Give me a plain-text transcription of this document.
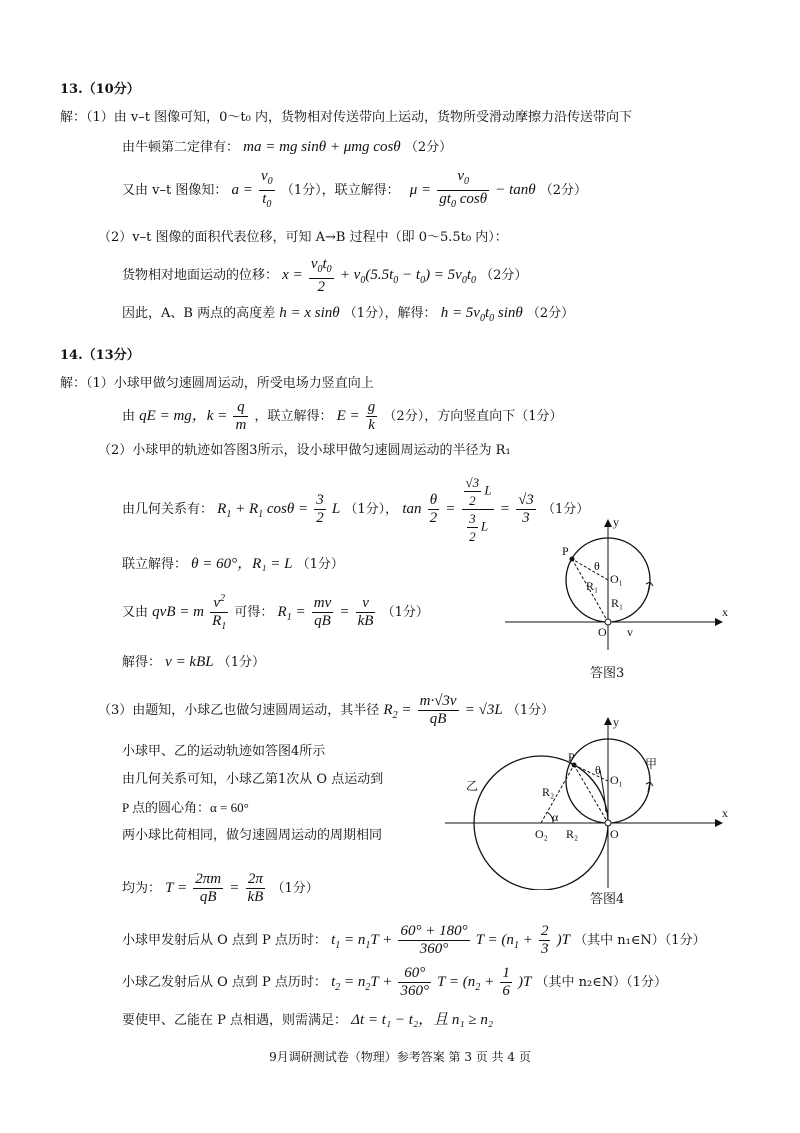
13.（10分）
解：（1）由 v–t 图像可知，0～t₀ 内，货物相对传送带向上运动，货物所受滑动摩擦力沿传送带向下
由牛顿第二定律有： ma = mg sinθ + μmg cosθ （2分）
又由 v–t 图像知： $a = \frac{v_0}{t_0} (1$分），联立解得： $\mu = \frac{v_0}{gt_0 \cos\theta} - \tan\theta$ （2分）
（2）v–t 图像的面积代表位移，可知 A→B 过程中（即 0～5.5t₀ 内）：
货物相对地面运动的位移： $x = \frac{v_0t_0}{2} + v_0(5.5t_0 - t_0) = 5v_0t_0$ （2分）
因此，A、B 两点的高度差 h = x sinθ （1分），解得： $h = 5v_0t_0$ sinθ （2分）
14.（13分）
解：（1）小球甲做匀速圆周运动，所受电场力竖直向上
由 qE = mg，$k = \frac{q}{m}$ ，联立解得： $E = \frac{g}{k} (2$分），方向竖直向下（1分）
（2）小球甲的轨迹如答图3所示，设小球甲做匀速圆周运动的半径为 R₁
由几何关系有： $R_1 + R_1$ $\cos\theta = \frac{3}{2}$ L （1分）， $\tan \frac{\theta}{2} = \frac{\frac{√3}{2} L}{\frac{3}{2} L} = \frac{√3}{3} (1$分）
联立解得： θ = 60°，R₁ = L （1分）
又由 qvB = m $\frac{v^2}{R_1}$ 可得： $R_1 = \frac{mv}{qB} = \frac{v}{kB} (1$分）
解得： v = kBL （1分）
（3）由题知，小球乙也做匀速圆周运动，其半径 $R_2 = \frac{m\cdot√3v}{qB} = √3L$ （1分）
小球甲、乙的运动轨迹如答图4所示
由几何关系可知，小球乙第1次从 O 点运动到
P 点的圆心角：α = 60°
两小球比荷相同，做匀速圆周运动的周期相同
均为： $T = \frac{2\pi m}{qB} = \frac{2\pi}{kB} (1$分）
小球甲发射后从 O 点到 P 点历时： $t_1 = n_1T + \frac{60^\circ + 180^\circ}{360^\circ}$ $T = (n_1 + \frac{2}{3} )T$ （其中 n₁∈N）（1分）
小球乙发射后从 O 点到 P 点历时： $t_2 = n_2T + \frac{60^\circ}{360^\circ}$ $T = (n_2 + \frac{1}{6} )T$ （其中 n₂∈N）（1分）
要使甲、乙能在 P 点相遇，则需满足： Δt = t₁ − t₂，且 n₁ ≥ n₂
x
y
P
θ
O₁
R₁
R₁
O v
答图3
x
y
P
θ
O₁
甲
乙	R₂
R₂
α
O₂	O
答图4
9月调研测试卷（物理）参考答案 第 3 页 共 4 页
